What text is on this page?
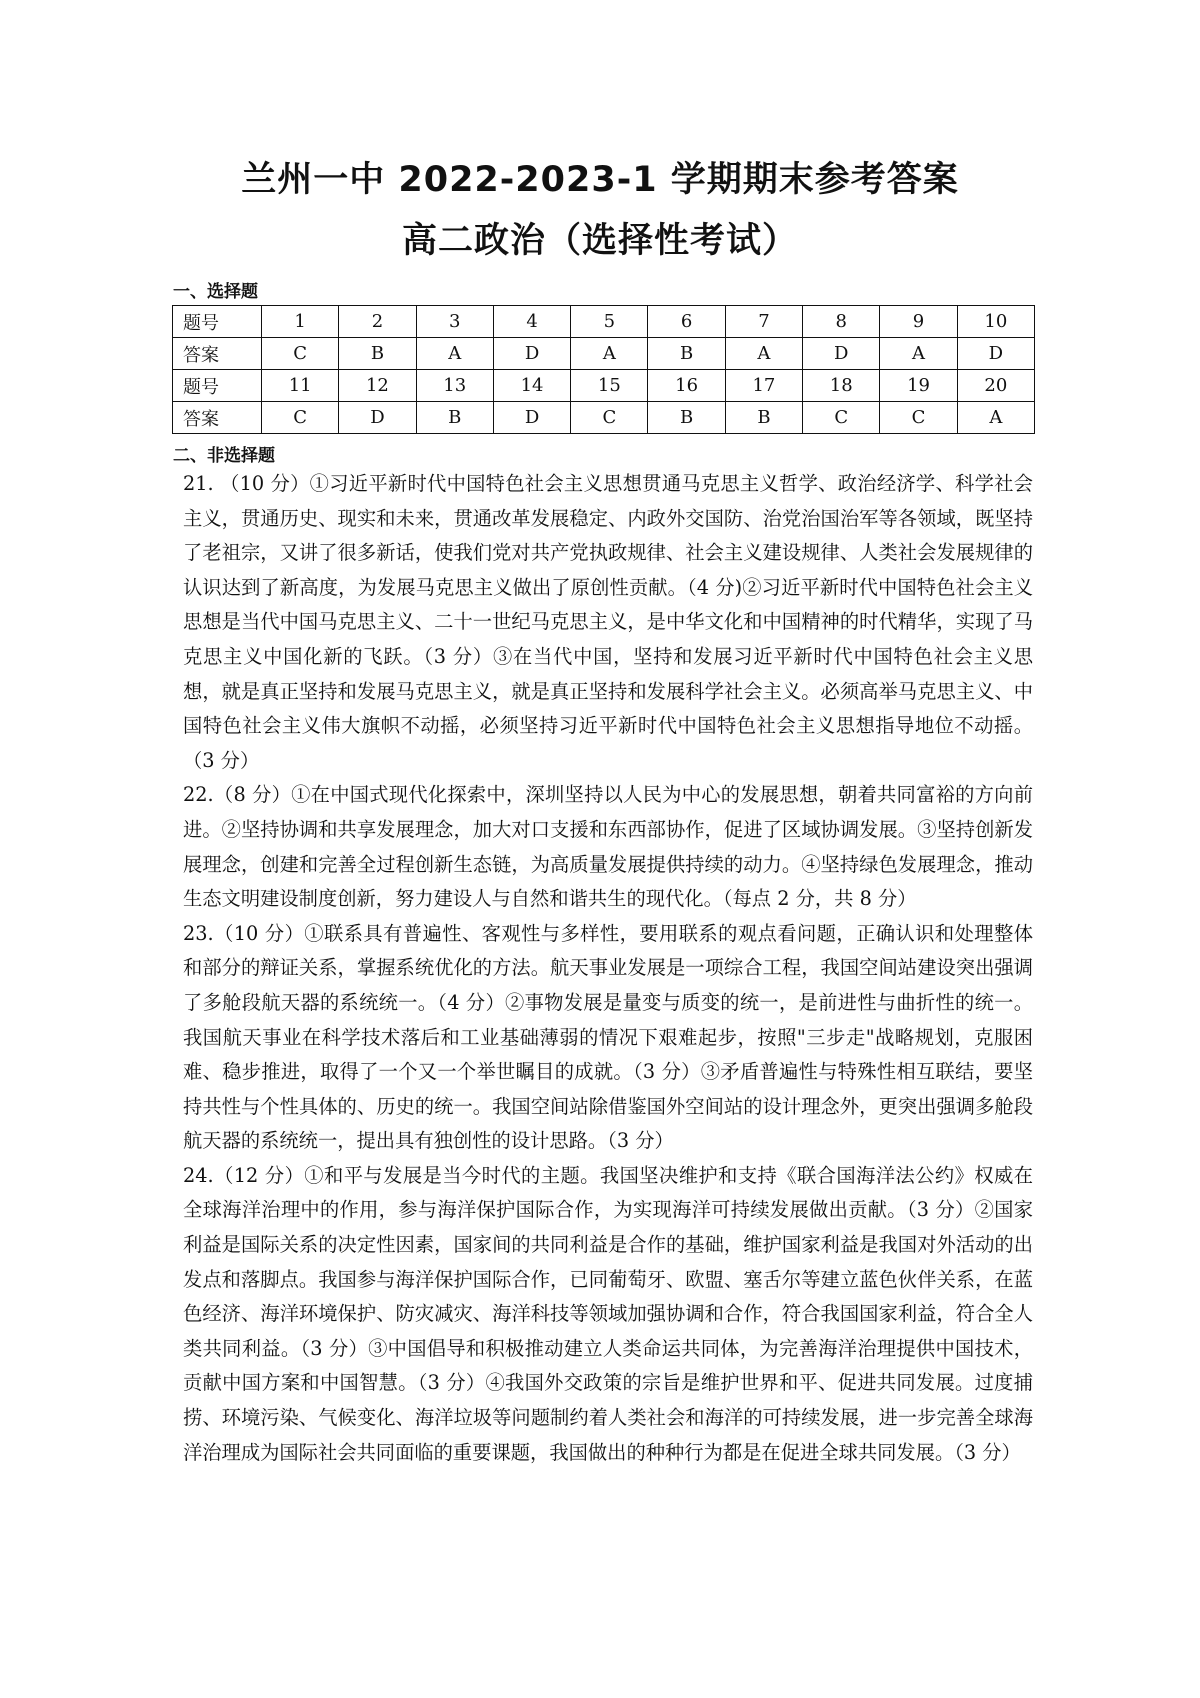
兰州一中 2022-2023-1 学期期末参考答案
高二政治（选择性考试）
一、选择题
题号	1	2	3	4	5	6	7	8	9	10
答案	C	B	A	D	A	B	A	D	A	D
题号	11	12	13	14	15	16	17	18	19	20
答案	C	D	B	D	C	B	B	C	C	A
二、非选择题

21. （10 分）①习近平新时代中国特色社会主义思想贯通马克思主义哲学、政治经济学、科学社会主义，贯通历史、现实和未来，贯通改革发展稳定、内政外交国防、治党治国治军等各领域，既坚持了老祖宗，又讲了很多新话，使我们党对共产党执政规律、社会主义建设规律、人类社会发展规律的认识达到了新高度，为发展马克思主义做出了原创性贡献。（4 分)②习近平新时代中国特色社会主义思想是当代中国马克思主义、二十一世纪马克思主义，是中华文化和中国精神的时代精华，实现了马克思主义中国化新的飞跃。（3 分）③在当代中国，坚持和发展习近平新时代中国特色社会主义思想，就是真正坚持和发展马克思主义，就是真正坚持和发展科学社会主义。必须高举马克思主义、中国特色社会主义伟大旗帜不动摇，必须坚持习近平新时代中国特色社会主义思想指导地位不动摇。（3 分）

22.（8 分）①在中国式现代化探索中，深圳坚持以人民为中心的发展思想，朝着共同富裕的方向前进。②坚持协调和共享发展理念，加大对口支援和东西部协作，促进了区域协调发展。③坚持创新发展理念，创建和完善全过程创新生态链，为高质量发展提供持续的动力。④坚持绿色发展理念，推动生态文明建设制度创新，努力建设人与自然和谐共生的现代化。（每点 2 分，共 8 分）

23.（10 分）①联系具有普遍性、客观性与多样性，要用联系的观点看问题，正确认识和处理整体和部分的辩证关系，掌握系统优化的方法。航天事业发展是一项综合工程，我国空间站建设突出强调了多舱段航天器的系统统一。（4 分）②事物发展是量变与质变的统一，是前进性与曲折性的统一。我国航天事业在科学技术落后和工业基础薄弱的情况下艰难起步，按照"三步走"战略规划，克服困难、稳步推进，取得了一个又一个举世瞩目的成就。（3 分）③矛盾普遍性与特殊性相互联结，要坚持共性与个性具体的、历史的统一。我国空间站除借鉴国外空间站的设计理念外，更突出强调多舱段航天器的系统统一，提出具有独创性的设计思路。（3 分）

24.（12 分）①和平与发展是当今时代的主题。我国坚决维护和支持《联合国海洋法公约》权威在全球海洋治理中的作用，参与海洋保护国际合作，为实现海洋可持续发展做出贡献。（3 分）②国家利益是国际关系的决定性因素，国家间的共同利益是合作的基础，维护国家利益是我国对外活动的出发点和落脚点。我国参与海洋保护国际合作，已同葡萄牙、欧盟、塞舌尔等建立蓝色伙伴关系，在蓝色经济、海洋环境保护、防灾减灾、海洋科技等领域加强协调和合作，符合我国国家利益，符合全人类共同利益。（3 分）③中国倡导和积极推动建立人类命运共同体，为完善海洋治理提供中国技术，贡献中国方案和中国智慧。（3 分）④我国外交政策的宗旨是维护世界和平、促进共同发展。过度捕捞、环境污染、气候变化、海洋垃圾等问题制约着人类社会和海洋的可持续发展，进一步完善全球海洋治理成为国际社会共同面临的重要课题，我国做出的种种行为都是在促进全球共同发展。（3 分）
